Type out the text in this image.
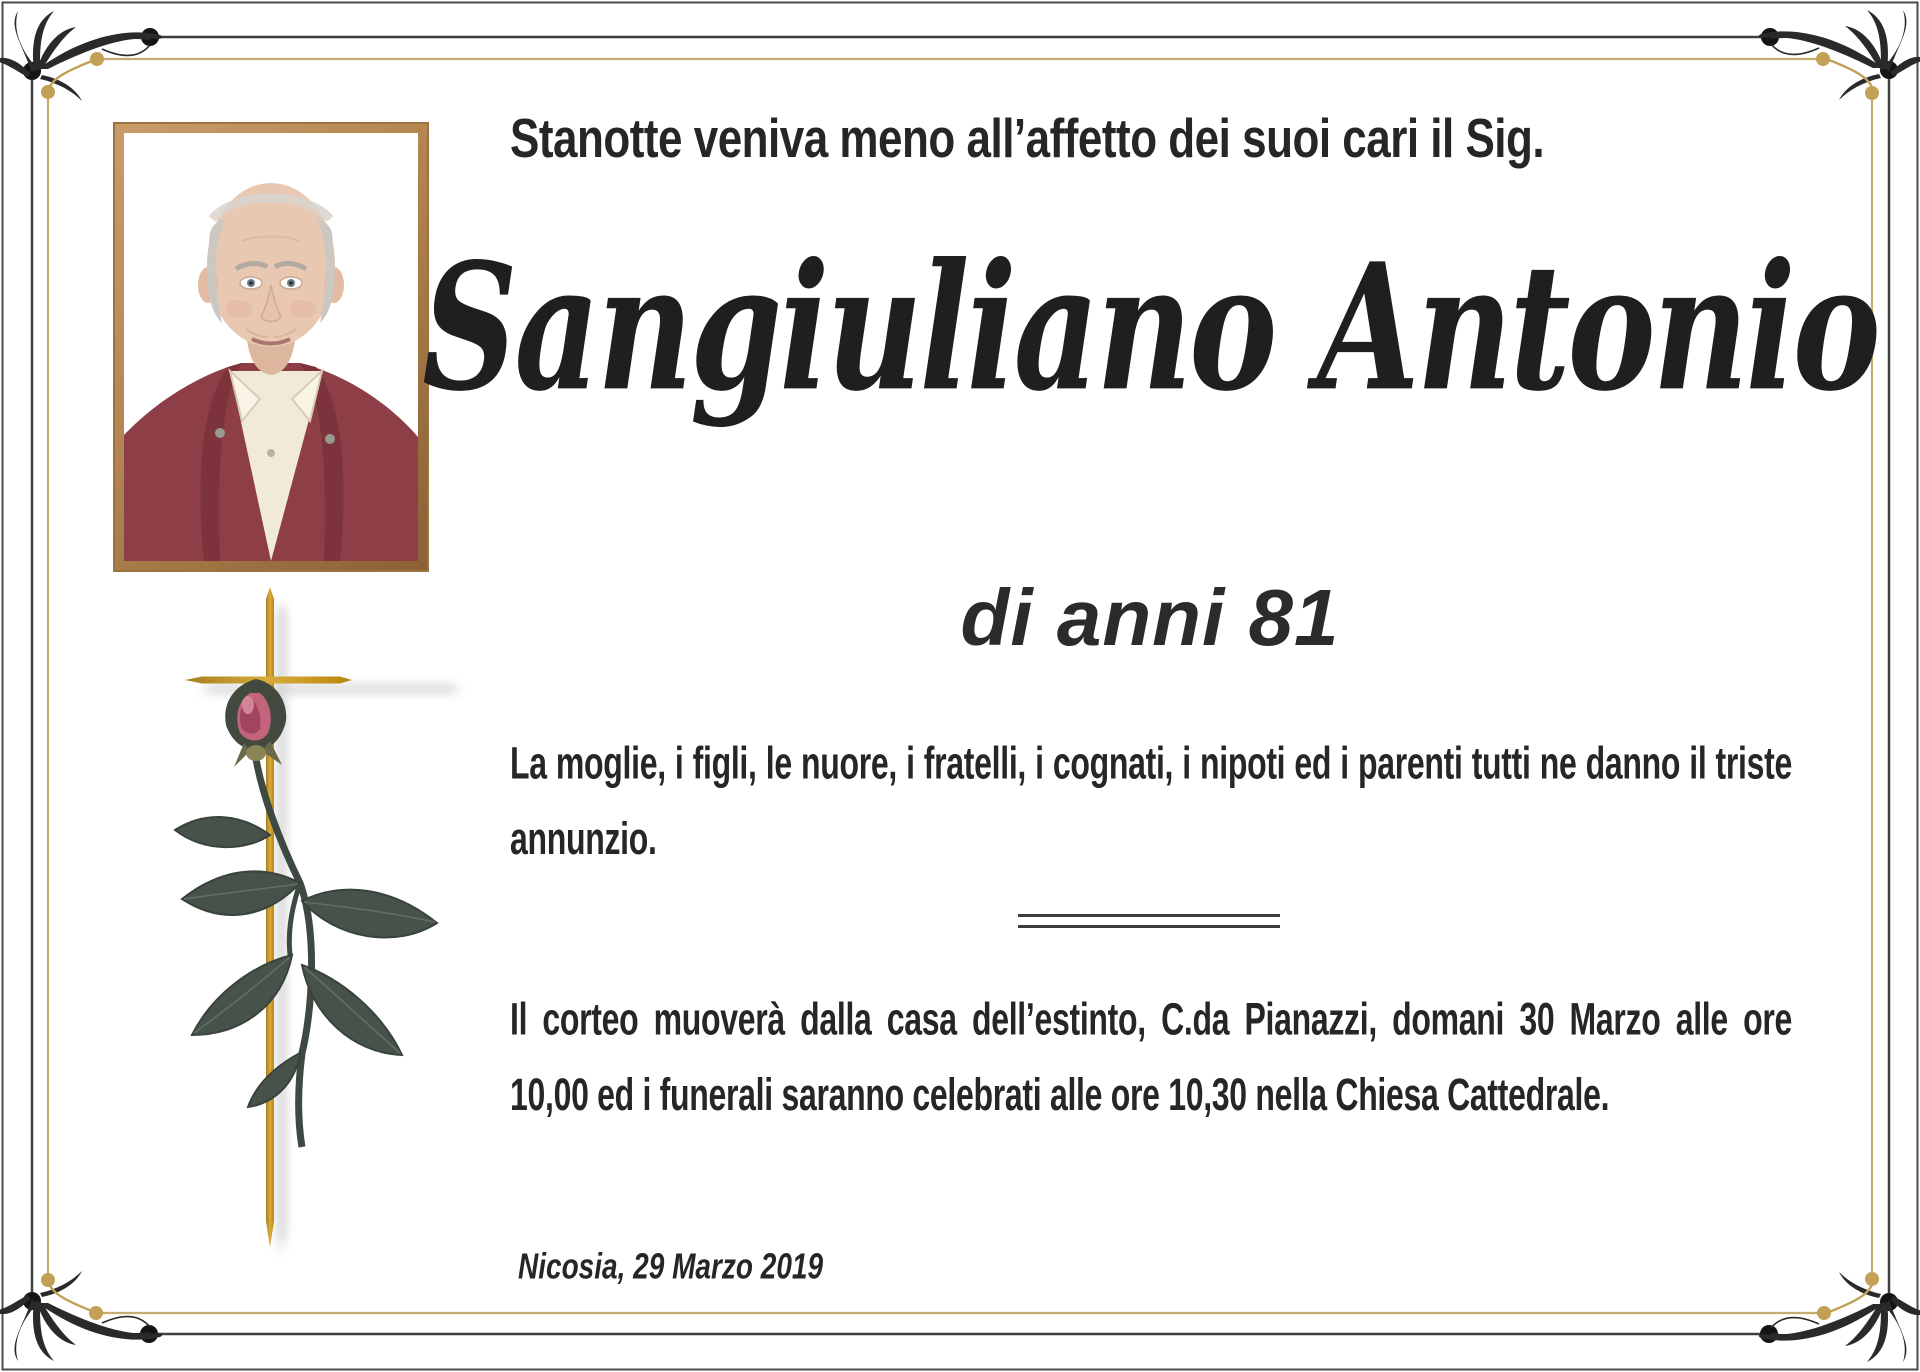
Stanotte veniva meno all’affetto dei suoi cari il Sig.
Sangiuliano Antonio
di anni 81
La moglie, i figli, le nuore, i fratelli, i cognati, i nipoti ed i parenti tutti ne danno il triste annunzio.
Il corteo muoverà dalla casa dell’estinto, C.da Pianazzi, domani 30 Marzo alle ore 10,00 ed i funerali saranno celebrati alle ore 10,30 nella Chiesa Cattedrale.
Nicosia, 29 Marzo 2019
